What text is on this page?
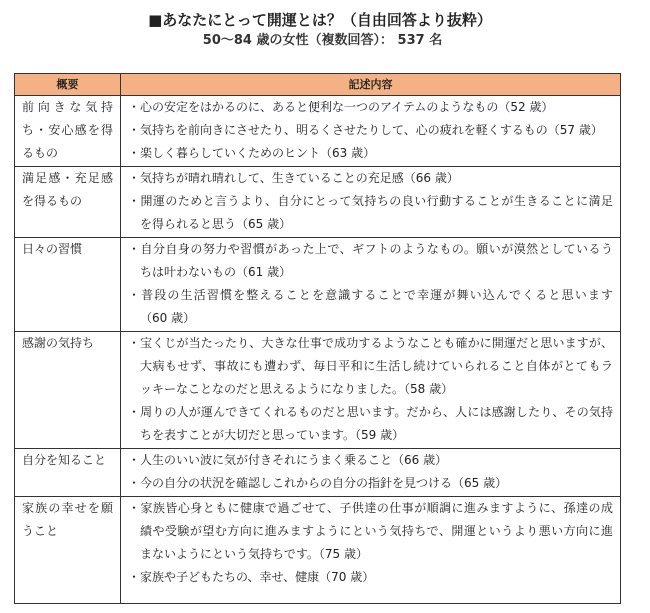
■あなたにとって開運とは？（自由回答より抜粋）
50～84 歳の女性（複数回答）： 537 名
概要	記述内容
前向きな気持ち・安心感を得るもの	・心の安定をはかるのに、あると便利な一つのアイテムのようなもの（52 歳）
・気持ちを前向きにさせたり、明るくさせたりして、心の疲れを軽くするもの（57 歳）
・楽しく暮らしていくためのヒント（63 歳）

満足感・充足感を得るもの	・気持ちが晴れ晴れして、生きていることの充足感（66 歳）
・開運のためと言うより、自分にとって気持ちの良い行動することが生きることに満足
を得られると思う（65 歳）

日々の習慣	・自分自身の努力や習慣があった上で、ギフトのようなもの。願いが漠然としているう
ちは叶わないもの（61 歳）
・普段の生活習慣を整えることを意識することで幸運が舞い込んでくると思います
（60 歳）

感謝の気持ち	・宝くじが当たったり、大きな仕事で成功するようなことも確かに開運だと思いますが、
大病もせず、事故にも遭わず、毎日平和に生活し続けていられること自体がとてもラ
ッキーなことなのだと思えるようになりました。（58 歳）
・周りの人が運んできてくれるものだと思います。だから、人には感謝したり、その気持
ちを表すことが大切だと思っています。（59 歳）

自分を知ること	・人生のいい波に気が付きそれにうまく乗ること（66 歳）
・今の自分の状況を確認しこれからの自分の指針を見つける（65 歳）

家族の幸せを願うこと	・家族皆心身ともに健康で過ごせて、子供達の仕事が順調に進みますように、孫達の成
績や受験が望む方向に進みますようにという気持ちで、開運というより悪い方向に進
まないようにという気持ちです。（75 歳）
・家族や子どもたちの、幸せ、健康（70 歳）
